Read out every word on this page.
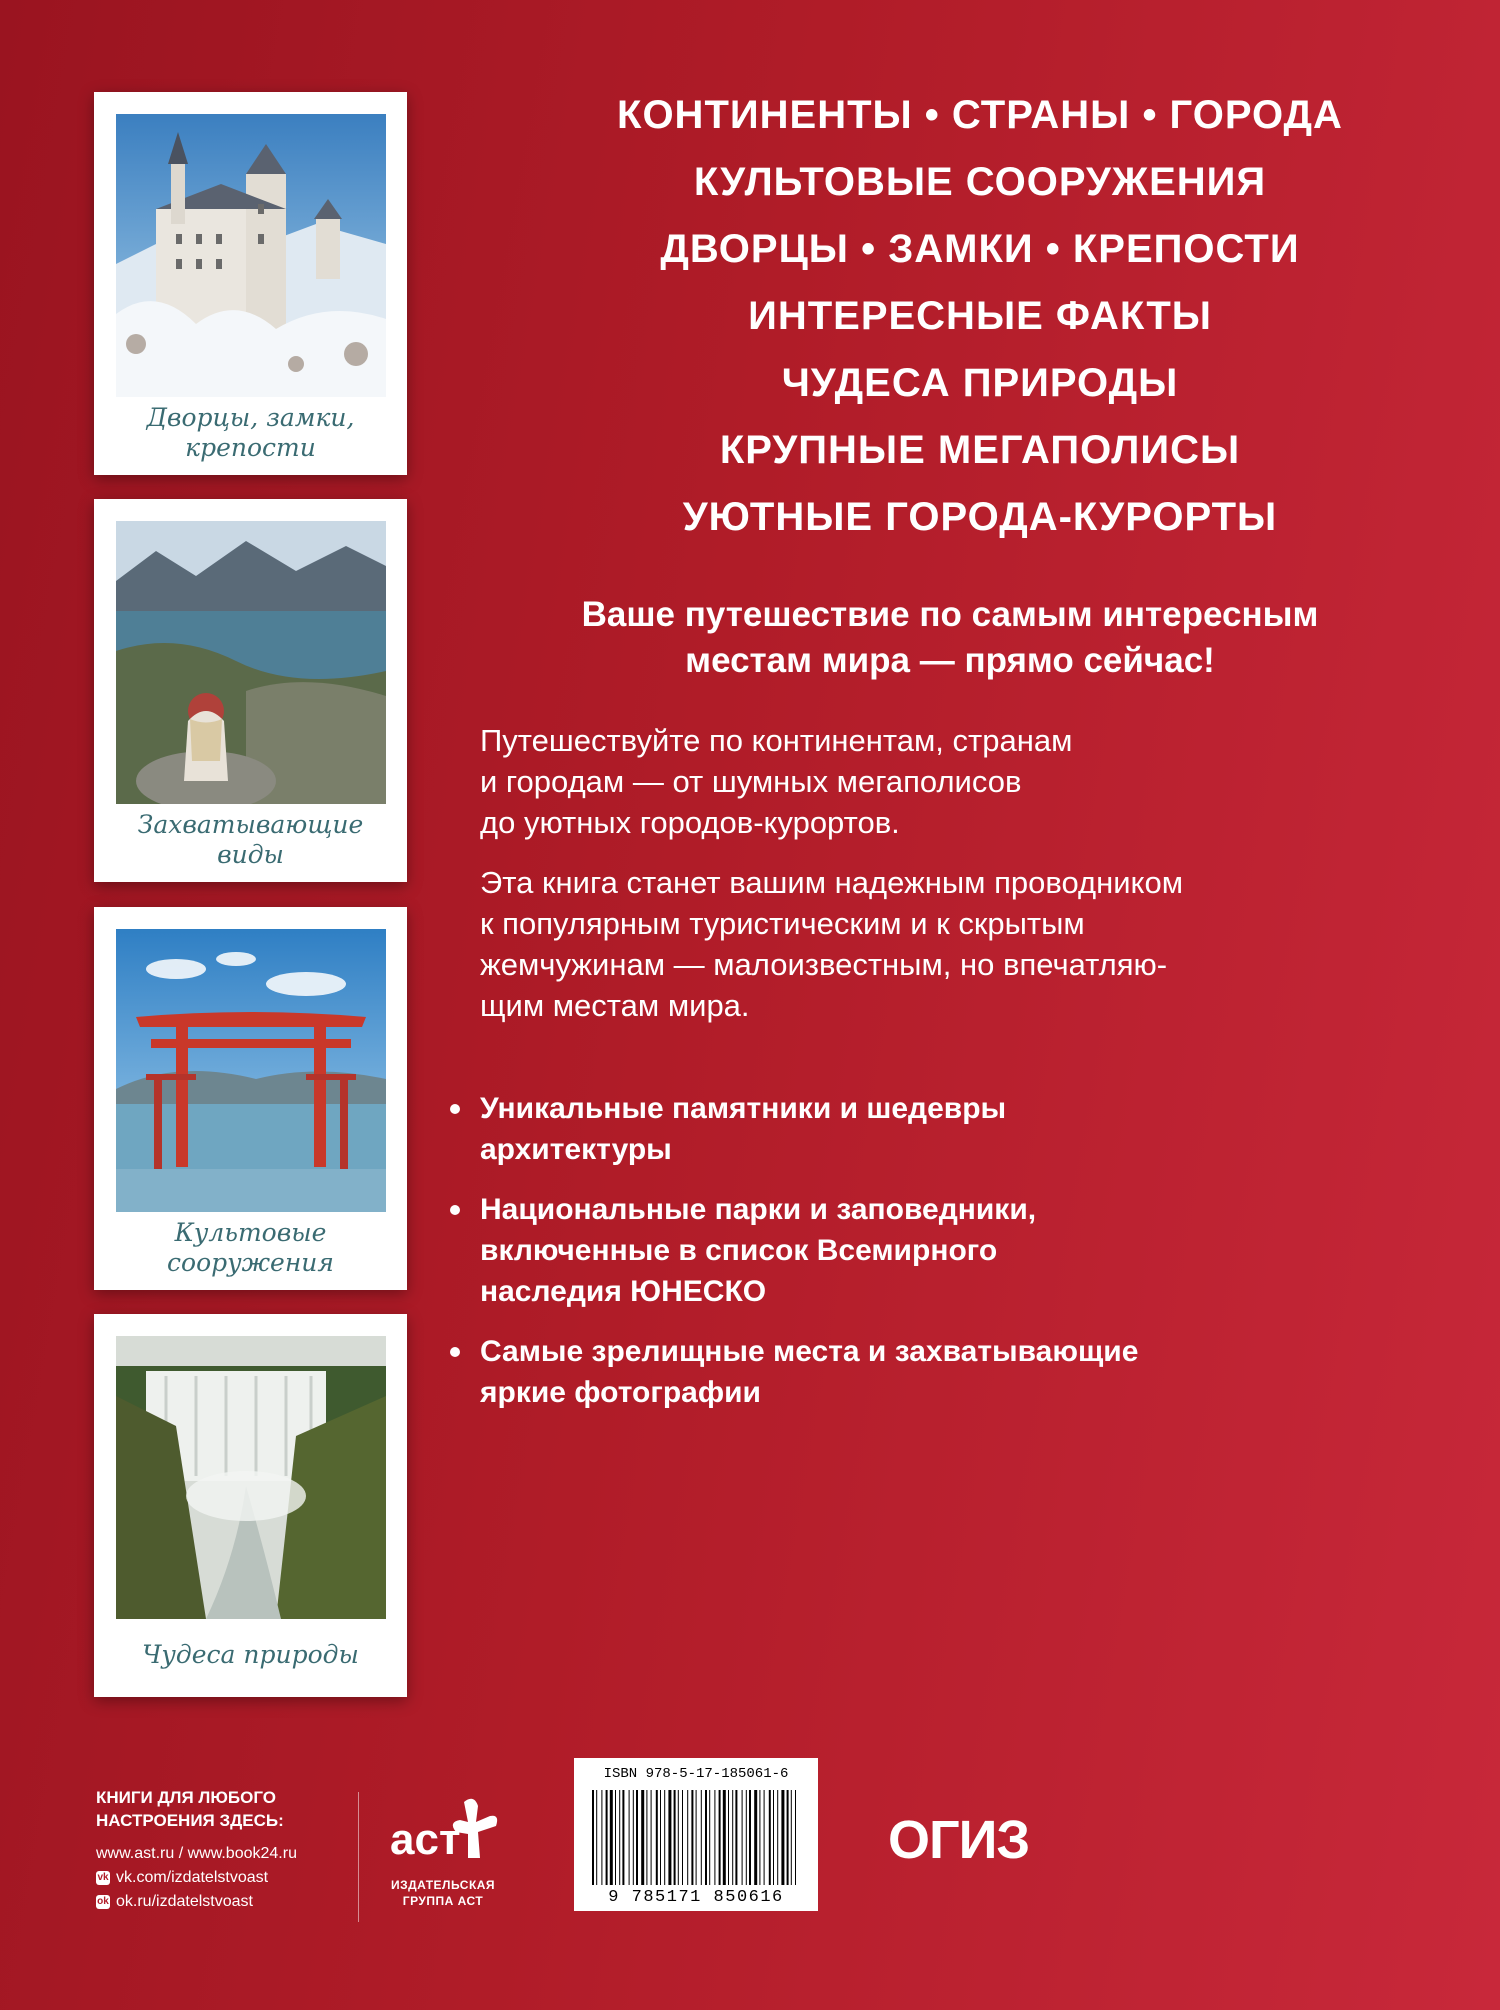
Дворцы, замки,
крепости
Захватывающие
виды
Культовые
сооружения
Чудеса природы
КОНТИНЕНТЫ • СТРАНЫ • ГОРОДА
КУЛЬТОВЫЕ СООРУЖЕНИЯ
ДВОРЦЫ • ЗАМКИ • КРЕПОСТИ
ИНТЕРЕСНЫЕ ФАКТЫ
ЧУДЕСА ПРИРОДЫ
КРУПНЫЕ МЕГАПОЛИСЫ
УЮТНЫЕ ГОРОДА-КУРОРТЫ
Ваше путешествие по самым интересным
местам мира — прямо сейчас!

Путешествуйте по континентам, странам
и городам — от шумных мегаполисов
до уютных городов-курортов.

Эта книга станет вашим надежным проводником
к популярным туристическим и к скрытым
жемчужинам — малоизвестным, но впечатляю-
щим местам мира.

Уникальные памятники и шедевры
архитектуры
Национальные парки и заповедники,
включенные в список Всемирного
наследия ЮНЕСКО
Самые зрелищные места и захватывающие
яркие фотографии
КНИГИ ДЛЯ ЛЮБОГО
НАСТРОЕНИЯ ЗДЕСЬ:
www.ast.ru / www.book24.ru
vk vk.com/izdatelstvoast
ok ok.ru/izdatelstvoast
аст
ИЗДАТЕЛЬСКАЯ
ГРУППА АСТ
ISBN 978-5-17-185061-6
9 785171 850616
ОГИЗ
